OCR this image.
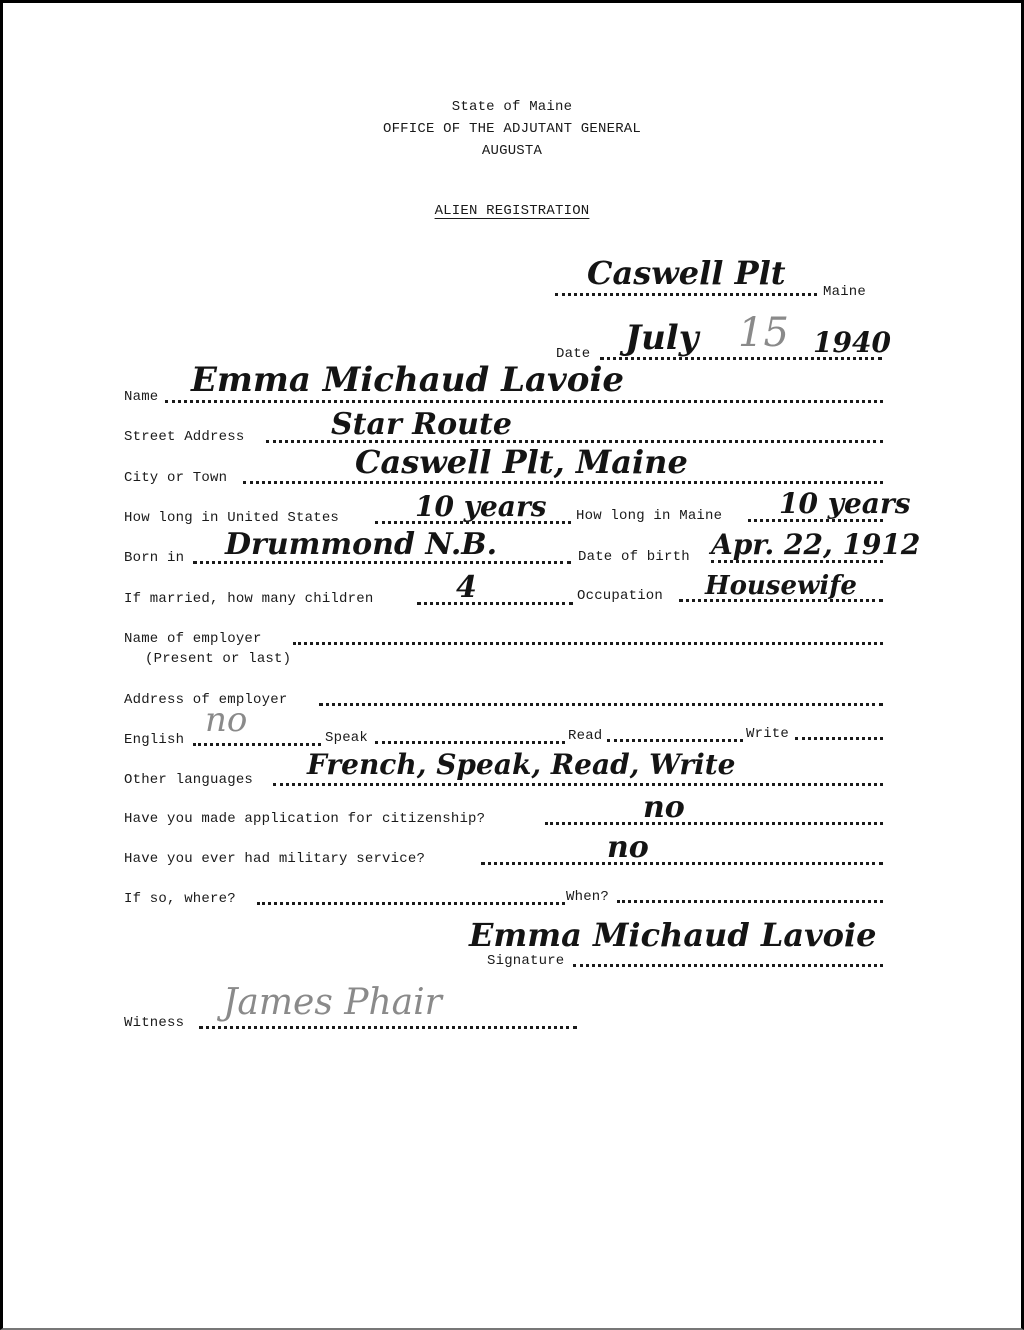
State of Maine
OFFICE OF THE ADJUTANT GENERAL
AUGUSTA
ALIEN REGISTRATION
Caswell Plt	Maine
Date July 15 1940
Name Emma Michaud Lavoie
Street Address	Star Route
City or Town	Caswell Plt, Maine
How long in United States	10 years How long in Maine 10 years
Born in Drummond N.B.	Date of birth Apr. 22, 1912
If married, how many children	4	Occupation Housewife
Name of employer
(Present or last)
Address of employer
English no	Speak	Read	Write
Other languages French, Speak, Read, Write
Have you made application for citizenship?	no
Have you ever had military service?	no
If so, where?	When?
Signature
Emma Michaud Lavoie
Witness James Phair
